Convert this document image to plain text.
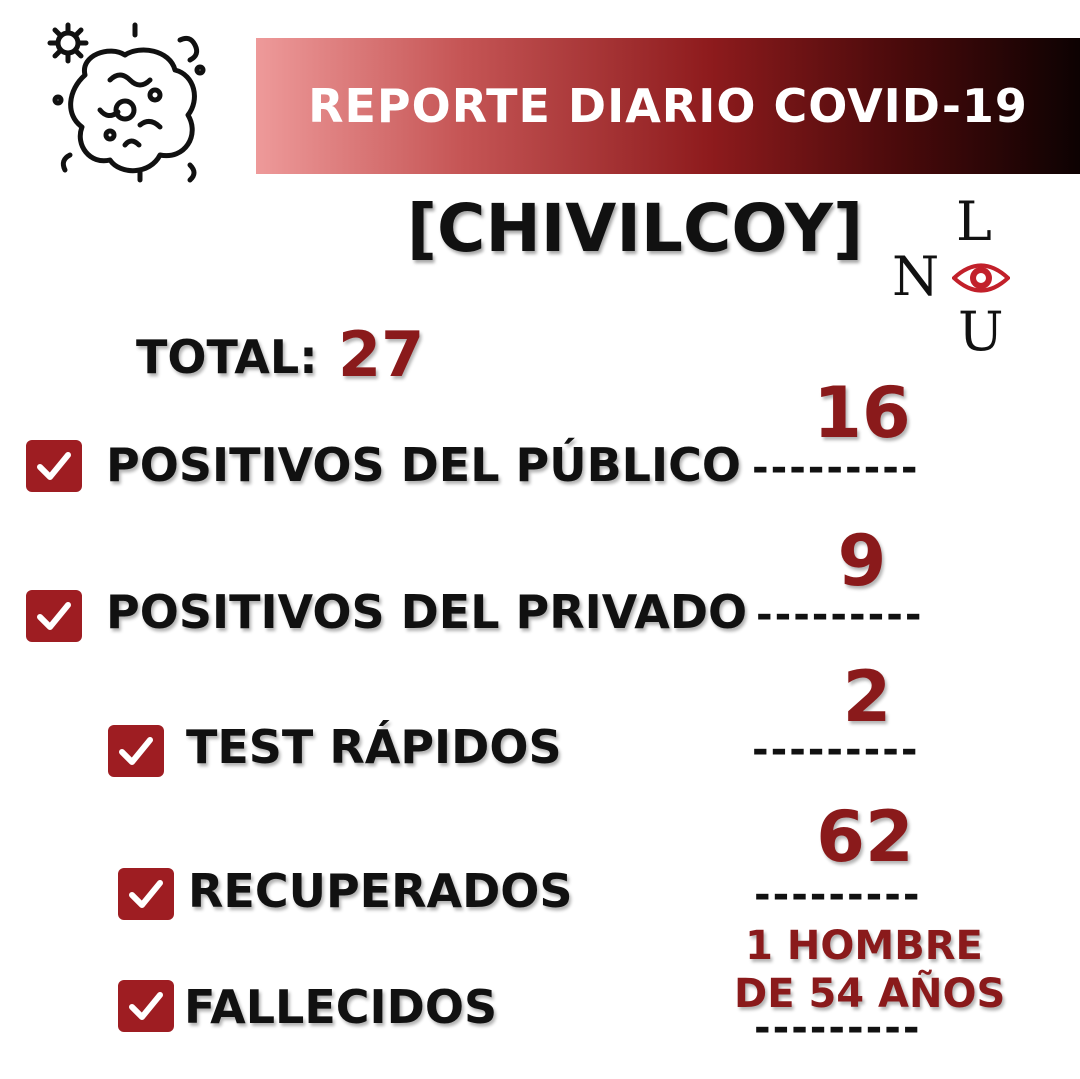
REPORTE DIARIO COVID-19
[CHIVILCOY]	L
N
U
TOTAL: 27
POSITIVOS DEL PÚBLICO
16
---------
POSITIVOS DEL PRIVADO
9
---------
TEST RÁPIDOS
2
---------
RECUPERADOS
62
---------
FALLECIDOS
1 HOMBRE
DE 54 AÑOS
---------
